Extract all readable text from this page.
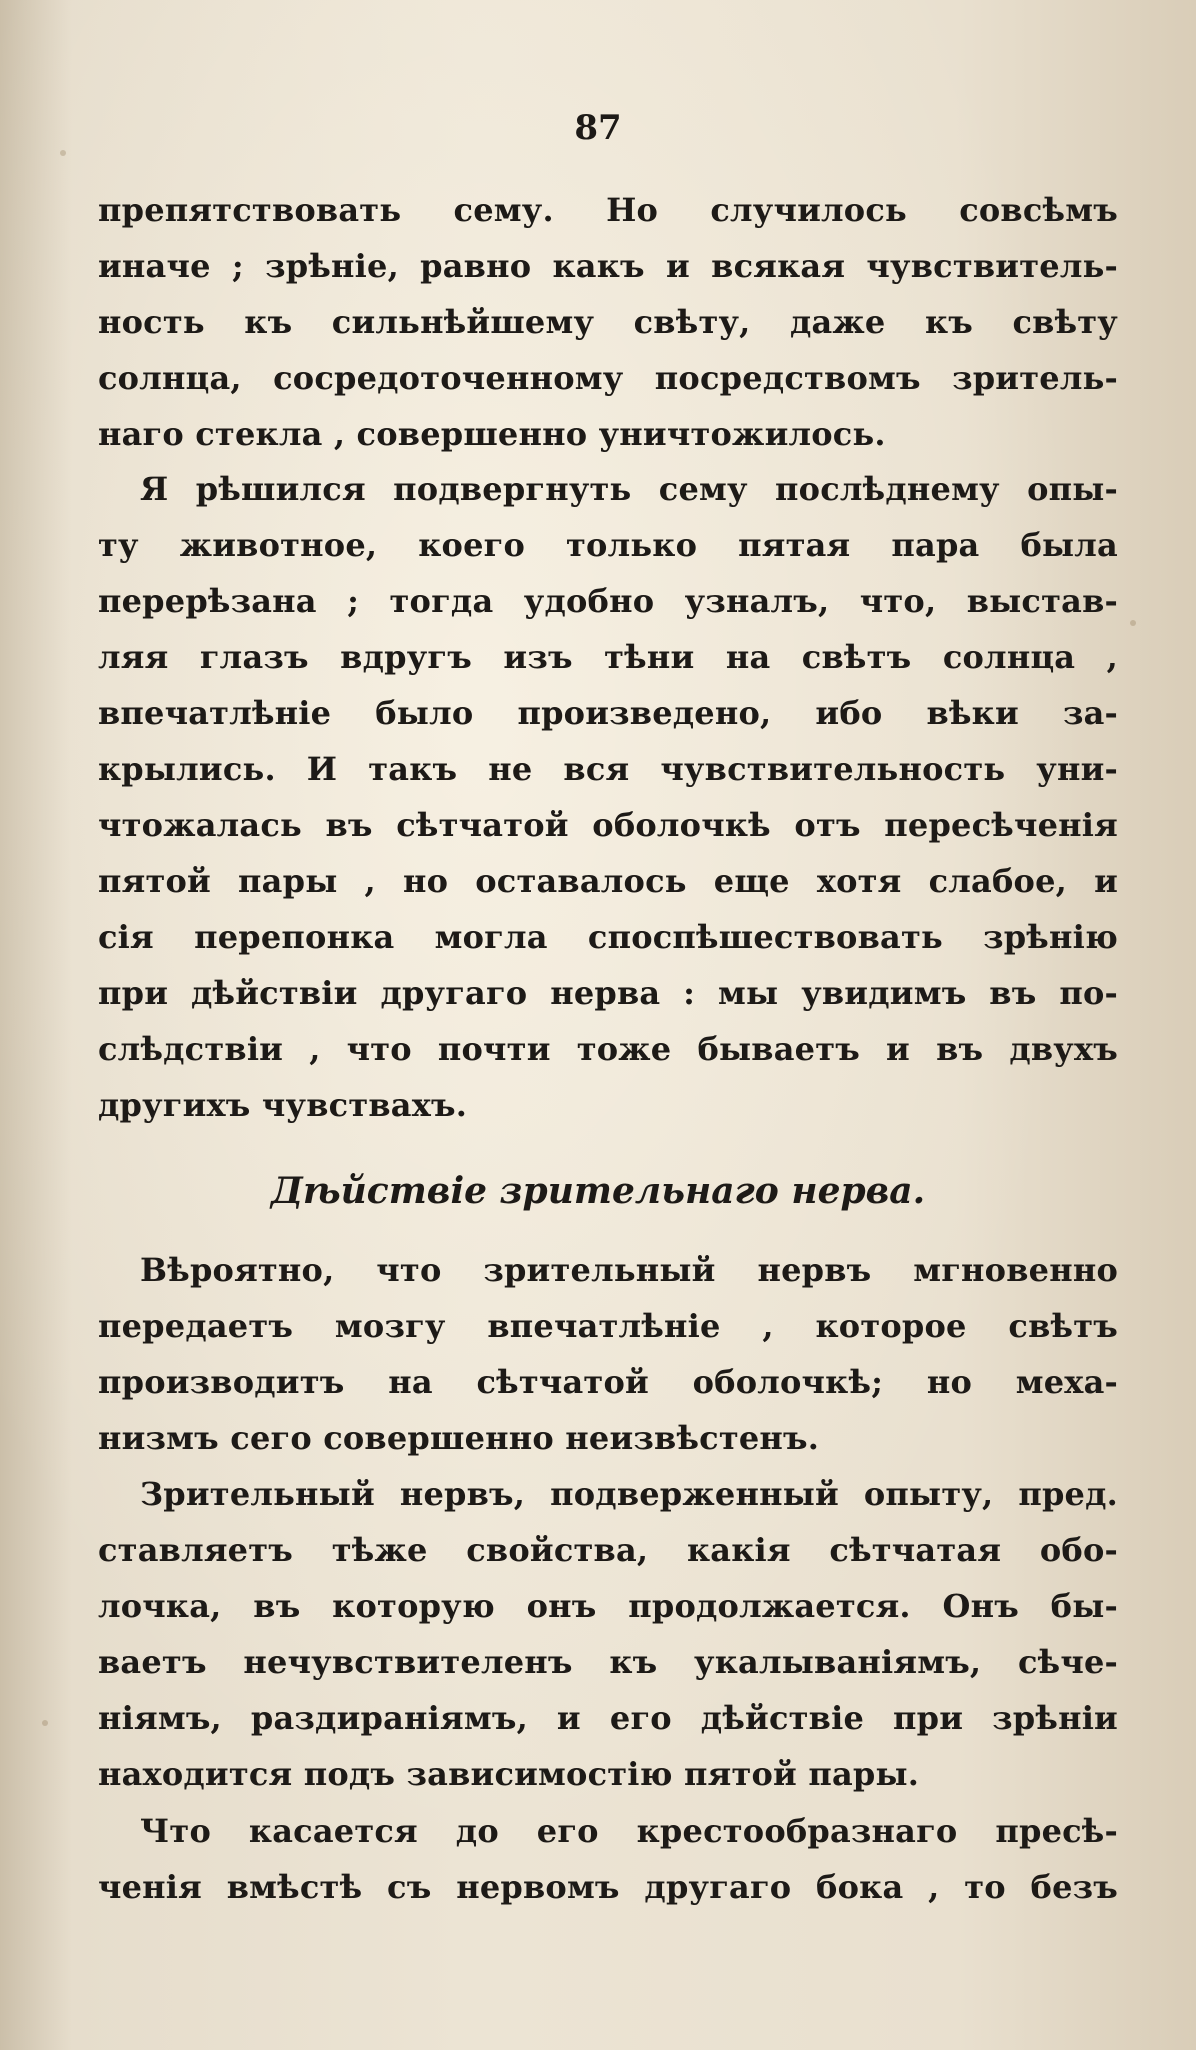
87
препятствовать сему. Но случилось совсѣмъ
иначе ; зрѣніе, равно какъ и всякая чувствитель-
ность къ сильнѣйшему свѣту, даже къ свѣту
солнца, сосредоточенному посредствомъ зритель-
наго стекла , совершенно уничтожилось.
Я рѣшился подвергнуть сему послѣднему опы-
ту животное, коего только пятая пара была
перерѣзана ; тогда удобно узналъ, что, выстав-
ляя глазъ вдругъ изъ тѣни на свѣтъ солнца ,
впечатлѣніе было произведено, ибо вѣки за-
крылись. И такъ не вся чувствительность уни-
чтожалась въ сѣтчатой оболочкѣ отъ пересѣченія
пятой пары , но оставалось еще хотя слабое, и
сія перепонка могла споспѣшествовать зрѣнію
при дѣйствіи другаго нерва : мы увидимъ въ по-
слѣдствіи , что почти тоже бываетъ и въ двухъ
другихъ чувствахъ.
Дѣйствіе зрительнаго нерва.
Вѣроятно, что зрительный нервъ мгновенно
передаетъ мозгу впечатлѣніе , которое свѣтъ
производитъ на сѣтчатой оболочкѣ; но меха-
низмъ сего совершенно неизвѣстенъ.
Зрительный нервъ, подверженный опыту, пред.
ставляетъ тѣже свойства, какія сѣтчатая обо-
лочка, въ которую онъ продолжается. Онъ бы-
ваетъ нечувствителенъ къ укалываніямъ, сѣче-
ніямъ, раздираніямъ, и его дѣйствіе при зрѣніи
находится подъ зависимостію пятой пары.
Что касается до его крестообразнаго пресѣ-
ченія вмѣстѣ съ нервомъ другаго бока , то безъ
